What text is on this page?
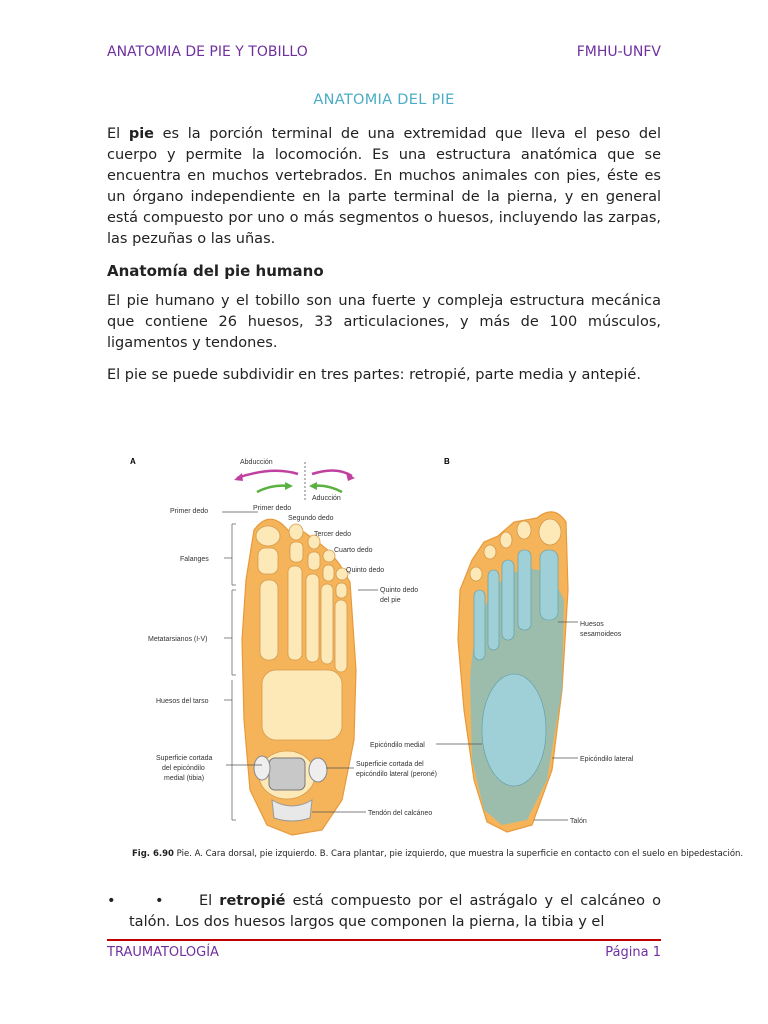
ANATOMIA DE PIE Y TOBILLO	FMHU-UNFV
ANATOMIA DEL PIE
El pie es la porción terminal de una extremidad que lleva el peso del cuerpo y permite la locomoción. Es una estructura anatómica que se encuentra en muchos vertebrados. En muchos animales con pies, éste es un órgano independiente en la parte terminal de la pierna, y en general está compuesto por uno o más segmentos o huesos, incluyendo las zarpas, las pezuñas o las uñas.
Anatomía del pie humano
El pie humano y el tobillo son una fuerte y compleja estructura mecánica que contiene 26 huesos, 33 articulaciones, y más de 100 músculos, ligamentos y tendones.
El pie se puede subdividir en tres partes: retropié, parte media y antepié.
A	Abducción
Aducción
Primer dedo	Primer dedo
Segundo dedo
Tercer dedo
Cuarto dedo
Quinto dedo
Quinto dedo
del pie
Falanges
Metatarsianos (I-V)
Huesos del tarso
Superficie cortada
del epicóndilo
medial (tibia)
Superficie cortada del
epicóndilo lateral (peroné)
Tendón del calcáneo
B
Huesos
sesamoideos
Epicóndilo medial
Epicóndilo lateral
Talón
Fig. 6.90 Pie. A. Cara dorsal, pie izquierdo. B. Cara plantar, pie izquierdo, que muestra la superficie en contacto con el suelo en bipedestación.
•	•	El retropié está compuesto por el astrágalo y el calcáneo o talón. Los dos huesos largos que componen la pierna, la tibia y el
TRAUMATOLOGÍA	Página 1
